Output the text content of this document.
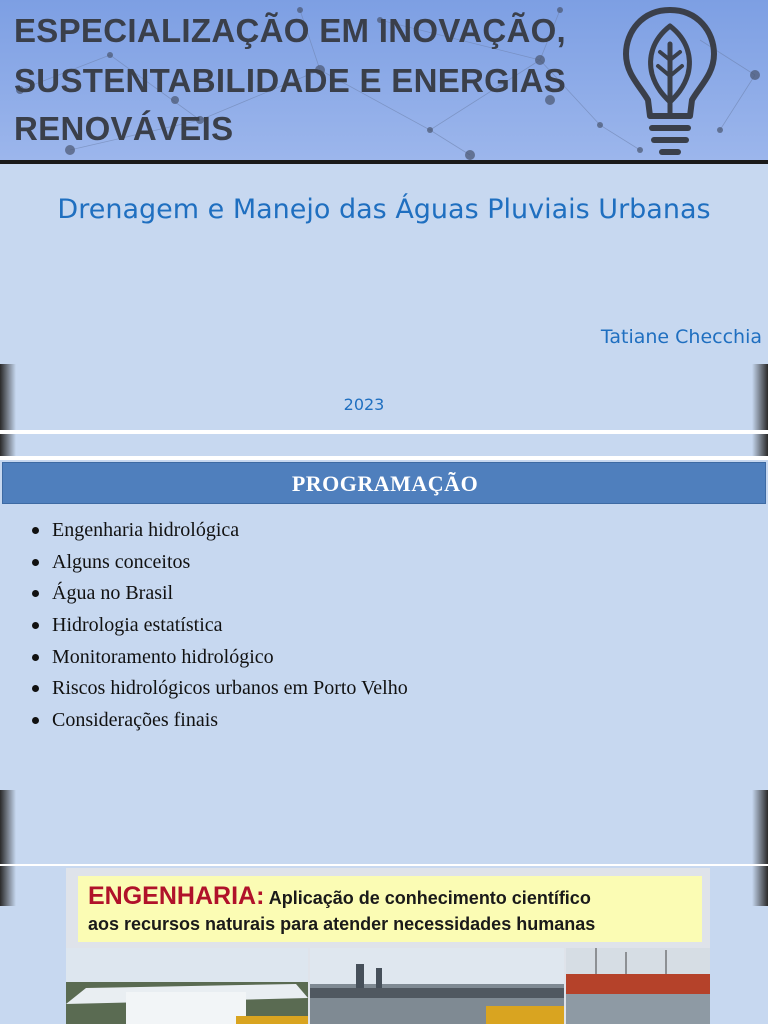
ESPECIALIZAÇÃO EM INOVAÇÃO,
SUSTENTABILIDADE E ENERGIAS
RENOVÁVEIS
Drenagem e Manejo das Águas Pluviais Urbanas
Tatiane Checchia
2023
PROGRAMAÇÃO
Engenharia hidrológica
Alguns conceitos
Água no Brasil
Hidrologia estatística
Monitoramento hidrológico
Riscos hidrológicos urbanos em Porto Velho
Considerações finais
ENGENHARIA: Aplicação de conhecimento científico
aos recursos naturais para atender necessidades humanas
